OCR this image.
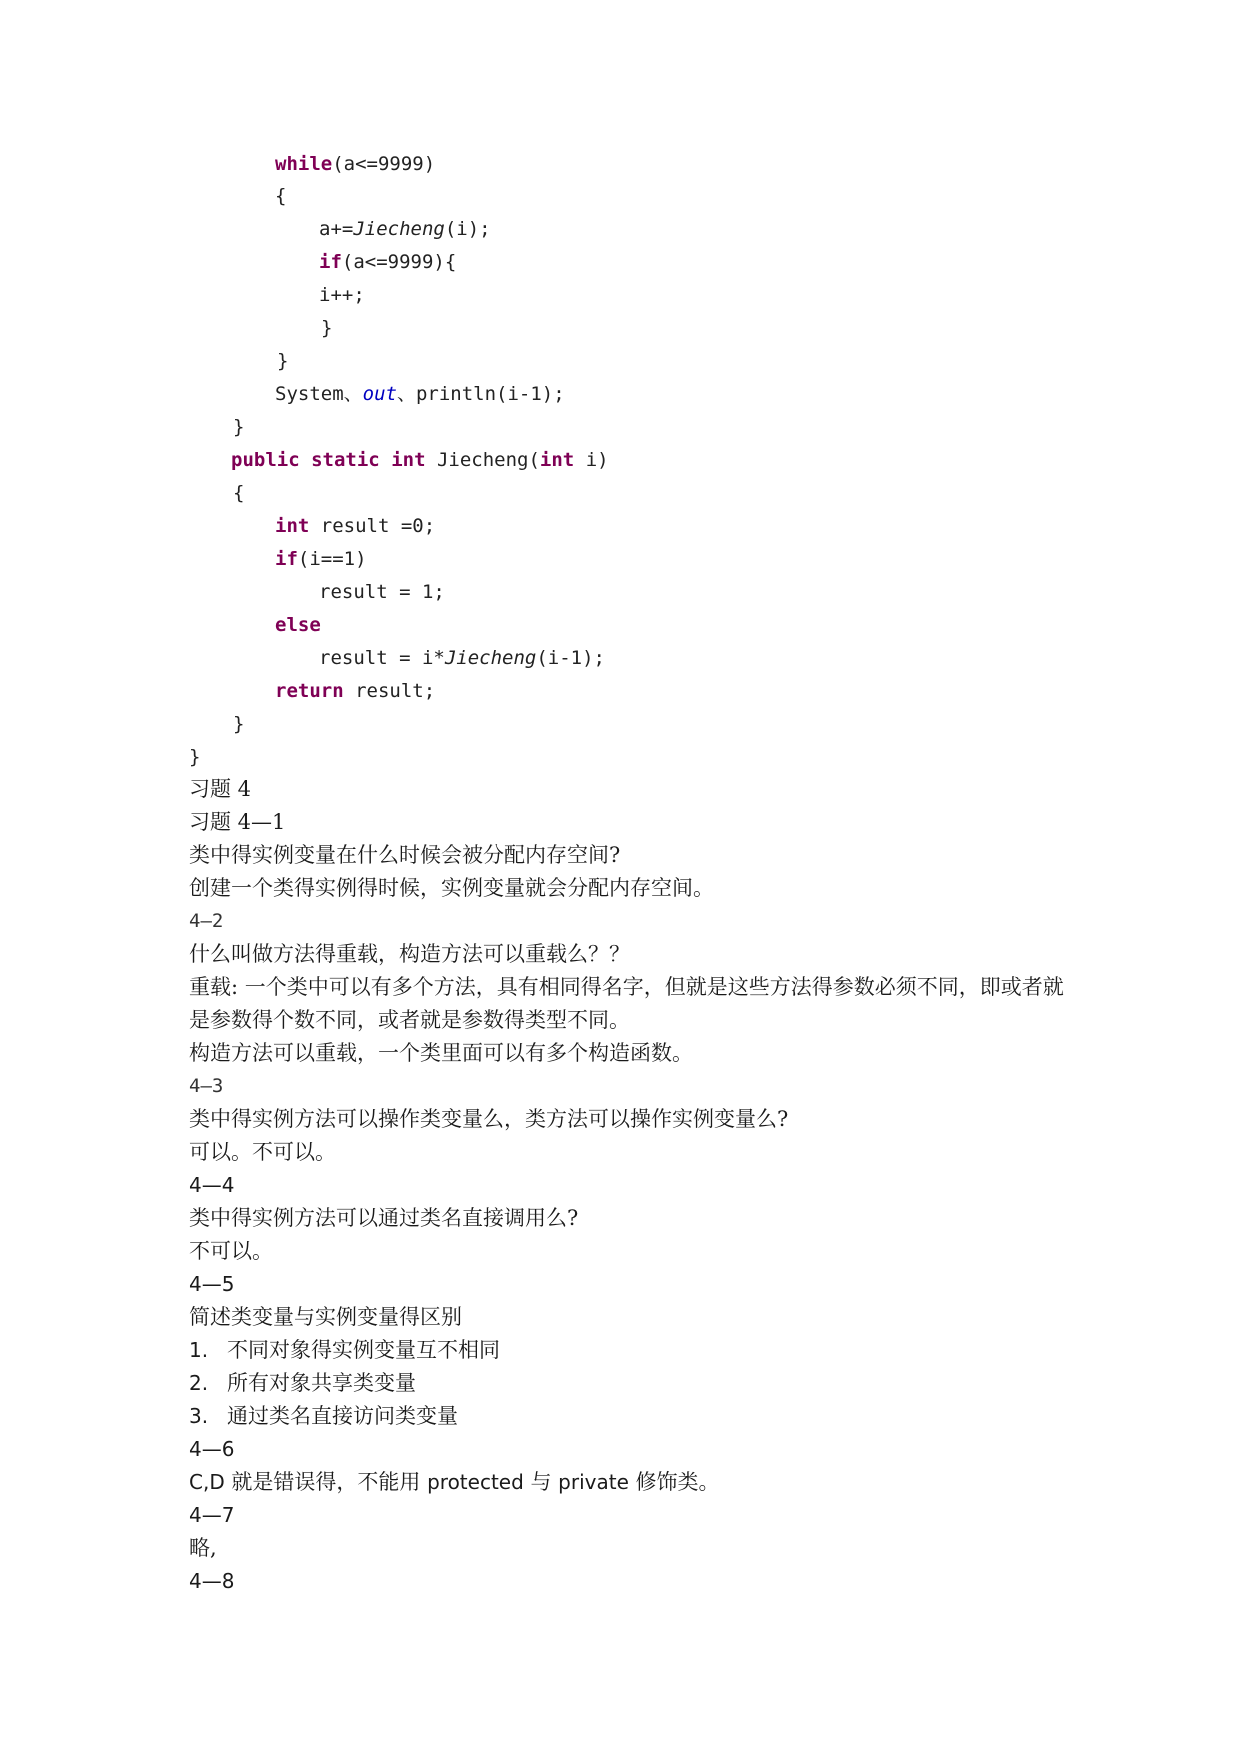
while(a<=9999)
{
a+=Jiecheng(i);
if(a<=9999){
i++;
}
}
System、out、println(i-1);
}
public static int Jiecheng(int i)
{
int result =0;
if(i==1)
result = 1;
else
result = i*Jiecheng(i-1);
return result;
}
}
习题 4
习题 4—1
类中得实例变量在什么时候会被分配内存空间?
创建一个类得实例得时候，实例变量就会分配内存空间。
4—2
什么叫做方法得重载，构造方法可以重载么？？
重载: 一个类中可以有多个方法，具有相同得名字，但就是这些方法得参数必须不同，即或者就
是参数得个数不同，或者就是参数得类型不同。
构造方法可以重载，一个类里面可以有多个构造函数。
4—3
类中得实例方法可以操作类变量么，类方法可以操作实例变量么?
可以。不可以。
4—4
类中得实例方法可以通过类名直接调用么?
不可以。
4—5
简述类变量与实例变量得区别
1. 不同对象得实例变量互不相同
2. 所有对象共享类变量
3. 通过类名直接访问类变量
4—6
C,D 就是错误得，不能用 protected 与 private 修饰类。
4—7
略,
4—8
